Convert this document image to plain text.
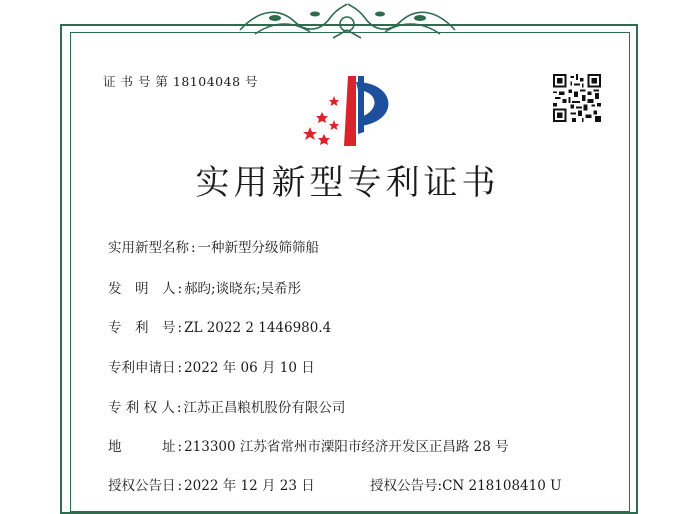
证 书 号 第 18104048 号
实用新型专利证书
实用新型名称 : 一种新型分级筛筛船
发　明　人 : 郝昀;谈晓东;吴希彤
专　利　号 : ZL 2022 2 1446980.4
专利申请日 : 2022 年 06 月 10 日
专 利 权 人 : 江苏正昌粮机股份有限公司
地　　　址 : 213300 江苏省常州市溧阳市经济开发区正昌路 28 号
授权公告日 : 2022 年 12 月 23 日	授权公告号:CN 218108410 U
